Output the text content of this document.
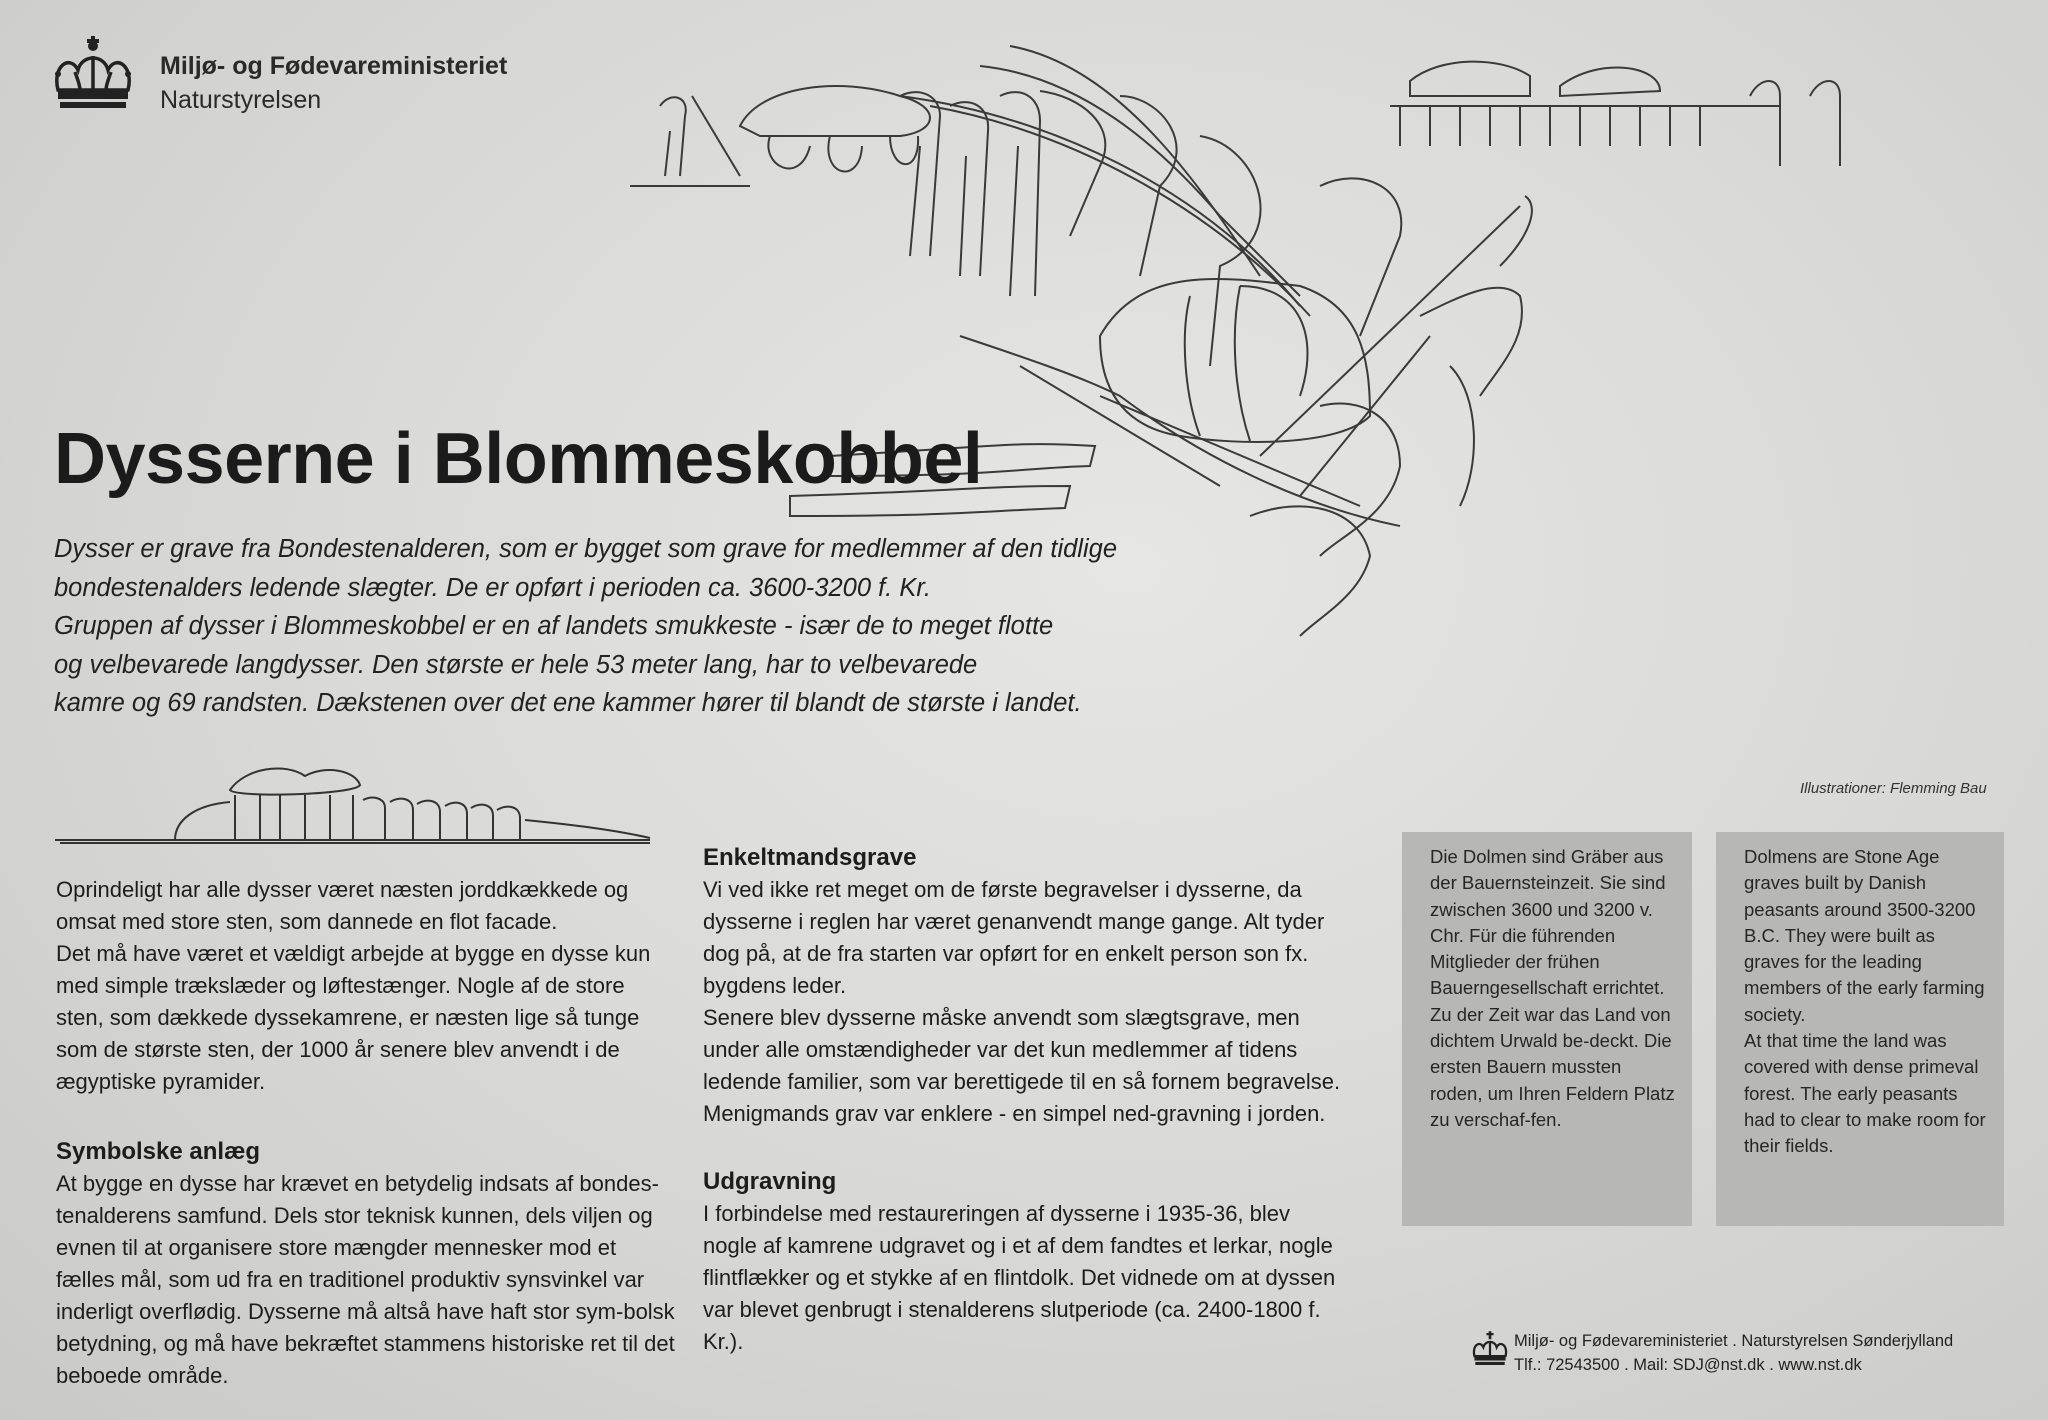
Miljø- og Fødevareministeriet
Naturstyrelsen
Illustrationer: Flemming Bau
Dysserne i Blommeskobbel

Dysser er grave fra Bondestenalderen, som er bygget som grave for medlemmer af den tidlige

bondestenalders ledende slægter. De er opført i perioden ca. 3600-3200 f. Kr.

Gruppen af dysser i Blommeskobbel er en af landets smukkeste - især de to meget flotte

og velbevarede langdysser. Den største er hele 53 meter lang, har to velbevarede

kamre og 69 randsten. Dækstenen over det ene kammer hører til blandt de største i landet.

Oprindeligt har alle dysser været næsten jorddkækkede og omsat med store sten, som dannede en flot facade.

Det må have været et vældigt arbejde at bygge en dysse kun med simple trækslæder og løftestænger. Nogle af de store sten, som dækkede dyssekamrene, er næsten lige så tunge som de største sten, der 1000 år senere blev anvendt i de ægyptiske pyramider.

Symbolske anlæg

At bygge en dysse har krævet en betydelig indsats af bondes-tenalderens samfund. Dels stor teknisk kunnen, dels viljen og evnen til at organisere store mængder mennesker mod et fælles mål, som ud fra en traditionel produktiv synsvinkel var inderligt overflødig. Dysserne må altså have haft stor sym-bolsk betydning, og må have bekræftet stammens historiske ret til det beboede område.

Enkeltmandsgrave

Vi ved ikke ret meget om de første begravelser i dysserne, da dysserne i reglen har været genanvendt mange gange. Alt tyder dog på, at de fra starten var opført for en enkelt person son fx. bygdens leder.

Senere blev dysserne måske anvendt som slægtsgrave, men under alle omstændigheder var det kun medlemmer af tidens ledende familier, som var berettigede til en så fornem begravelse. Menigmands grav var enklere - en simpel ned-gravning i jorden.

Udgravning

I forbindelse med restaureringen af dysserne i 1935-36, blev nogle af kamrene udgravet og i et af dem fandtes et lerkar, nogle flintflækker og et stykke af en flintdolk. Det vidnede om at dyssen var blevet genbrugt i stenalderens slutperiode (ca. 2400-1800 f. Kr.).

Die Dolmen sind Gräber aus der Bauernsteinzeit. Sie sind zwischen 3600 und 3200 v. Chr. Für die führenden Mitglieder der frühen Bauerngesellschaft errichtet.

Zu der Zeit war das Land von dichtem Urwald be-deckt. Die ersten Bauern mussten roden, um Ihren Feldern Platz zu verschaf-fen.

Dolmens are Stone Age graves built by Danish peasants around 3500-3200 B.C. They were built as graves for the leading members of the early farming society.

At that time the land was covered with dense primeval forest. The early peasants had to clear to make room for their fields.

Miljø- og Fødevareministeriet . Naturstyrelsen Sønderjylland
Tlf.: 72543500 . Mail: SDJ@nst.dk . www.nst.dk
